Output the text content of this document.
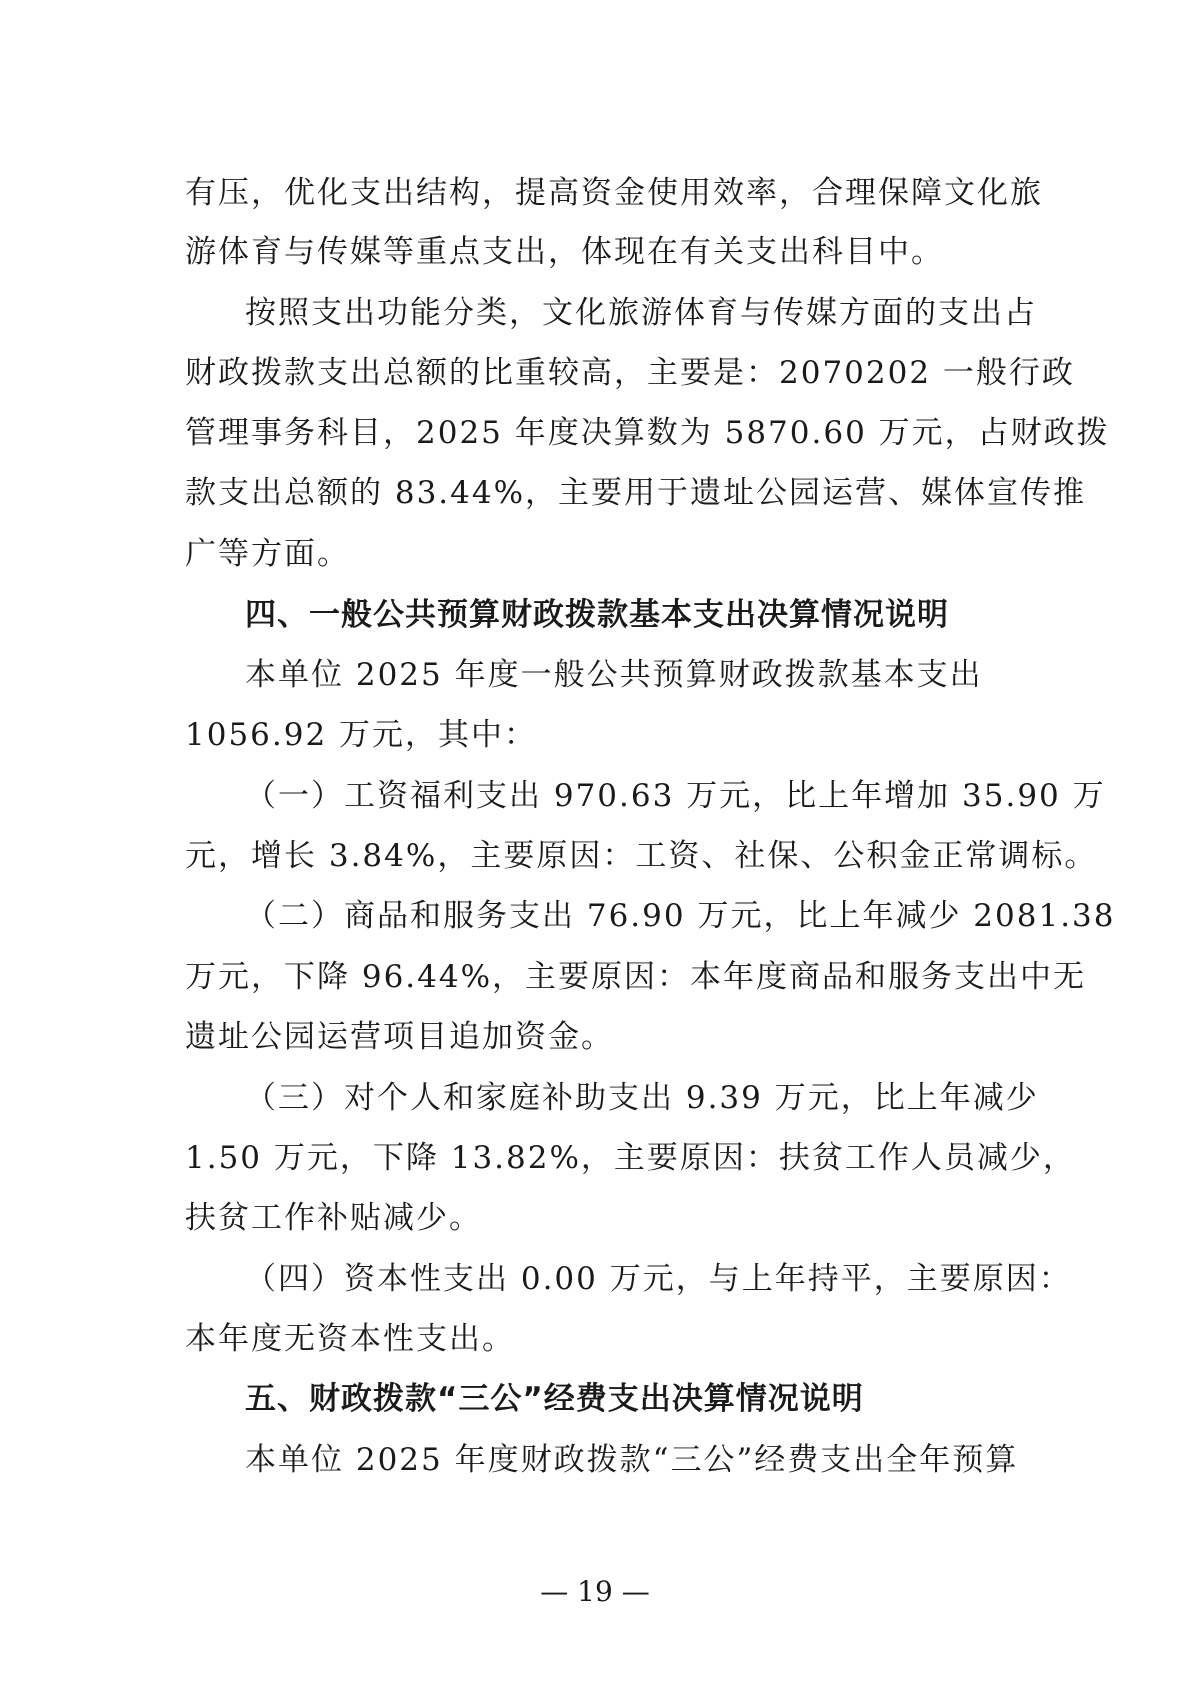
有压，优化支出结构，提高资金使用效率，合理保障文化旅

游体育与传媒等重点支出，体现在有关支出科目中。

按照支出功能分类，文化旅游体育与传媒方面的支出占

财政拨款支出总额的比重较高，主要是：2070202 一般行政

管理事务科目，2025 年度决算数为 5870.60 万元，占财政拨

款支出总额的 83.44%，主要用于遗址公园运营、媒体宣传推

广等方面。

四、一般公共预算财政拨款基本支出决算情况说明

本单位 2025 年度一般公共预算财政拨款基本支出

1056.92 万元，其中：

（一）工资福利支出 970.63 万元，比上年增加 35.90 万

元，增长 3.84%，主要原因：工资、社保、公积金正常调标。

（二）商品和服务支出 76.90 万元，比上年减少 2081.38

万元，下降 96.44%，主要原因：本年度商品和服务支出中无

遗址公园运营项目追加资金。

（三）对个人和家庭补助支出 9.39 万元，比上年减少

1.50 万元，下降 13.82%，主要原因：扶贫工作人员减少，

扶贫工作补贴减少。

（四）资本性支出 0.00 万元，与上年持平，主要原因：

本年度无资本性支出。

五、财政拨款“三公”经费支出决算情况说明

本单位 2025 年度财政拨款“三公”经费支出全年预算

— 19 —
